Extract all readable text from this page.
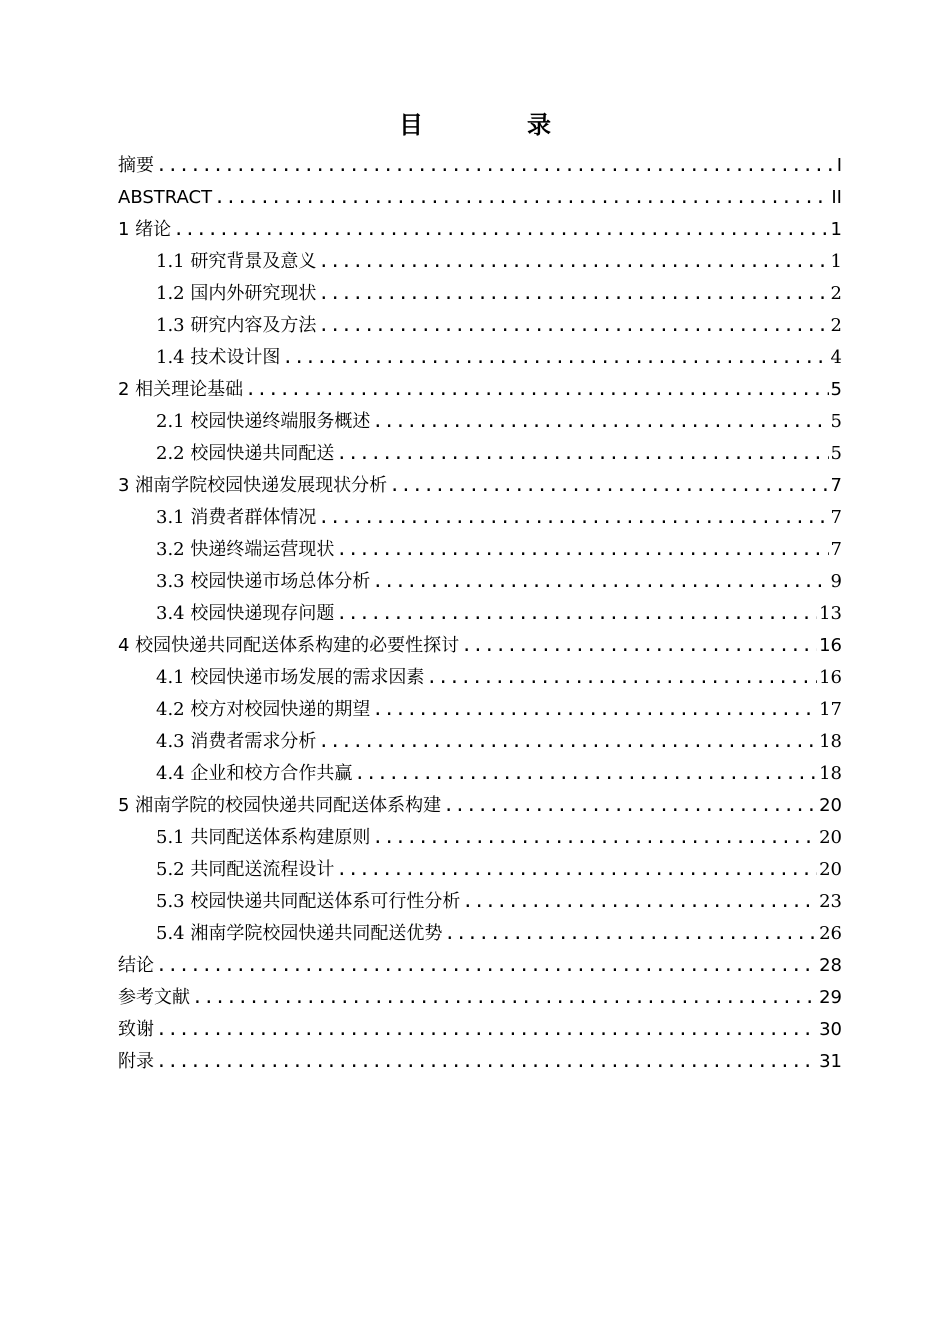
目　录
摘要 .....	I
ABSTRACT .....	II
1 绪论 .....	1
1.1 研究背景及意义 .....	1
1.2 国内外研究现状 .....	2
1.3 研究内容及方法 .....	2
1.4 技术设计图 .....	4
2 相关理论基础 .....	5
2.1 校园快递终端服务概述 .....	5
2.2 校园快递共同配送 .....	5
3 湘南学院校园快递发展现状分析 .....	7
3.1 消费者群体情况 .....	7
3.2 快递终端运营现状 .....	7
3.3 校园快递市场总体分析 .....	9
3.4 校园快递现存问题 .....	13
4 校园快递共同配送体系构建的必要性探讨 .....	16
4.1 校园快递市场发展的需求因素 .....	16
4.2 校方对校园快递的期望 .....	17
4.3 消费者需求分析 .....	18
4.4 企业和校方合作共赢 .....	18
5 湘南学院的校园快递共同配送体系构建 .....	20
5.1 共同配送体系构建原则 .....	20
5.2 共同配送流程设计 .....	20
5.3 校园快递共同配送体系可行性分析 .....	23
5.4 湘南学院校园快递共同配送优势 .....	26
结论 .....	28
参考文献 .....	29
致谢 .....	30
附录 .....	31
